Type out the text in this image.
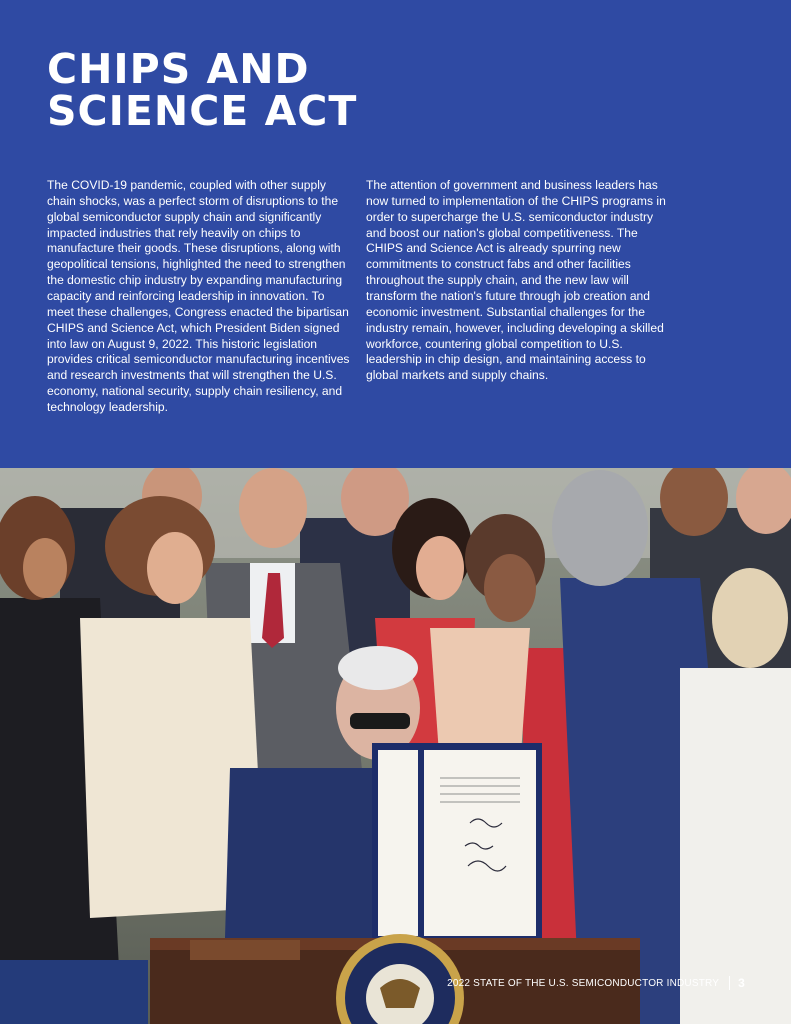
CHIPS AND SCIENCE ACT

The COVID-19 pandemic, coupled with other supply chain shocks, was a perfect storm of disruptions to the global semiconductor supply chain and significantly impacted industries that rely heavily on chips to manufacture their goods. These disruptions, along with geopolitical tensions, highlighted the need to strengthen the domestic chip industry by expanding manufacturing capacity and reinforcing leadership in innovation. To meet these challenges, Congress enacted the bipartisan CHIPS and Science Act, which President Biden signed into law on August 9, 2022. This historic legislation provides critical semiconductor manufacturing incentives and research investments that will strengthen the U.S. economy, national security, supply chain resiliency, and technology leadership.

The attention of government and business leaders has now turned to implementation of the CHIPS programs in order to supercharge the U.S. semiconductor industry and boost our nation's global competitiveness. The CHIPS and Science Act is already spurring new commitments to construct fabs and other facilities throughout the supply chain, and the new law will transform the nation's future through job creation and economic investment. Substantial challenges for the industry remain, however, including developing a skilled workforce, countering global competition to U.S. leadership in chip design, and maintaining access to global markets and supply chains.

2022 STATE OF THE U.S. SEMICONDUCTOR INDUSTRY 3
